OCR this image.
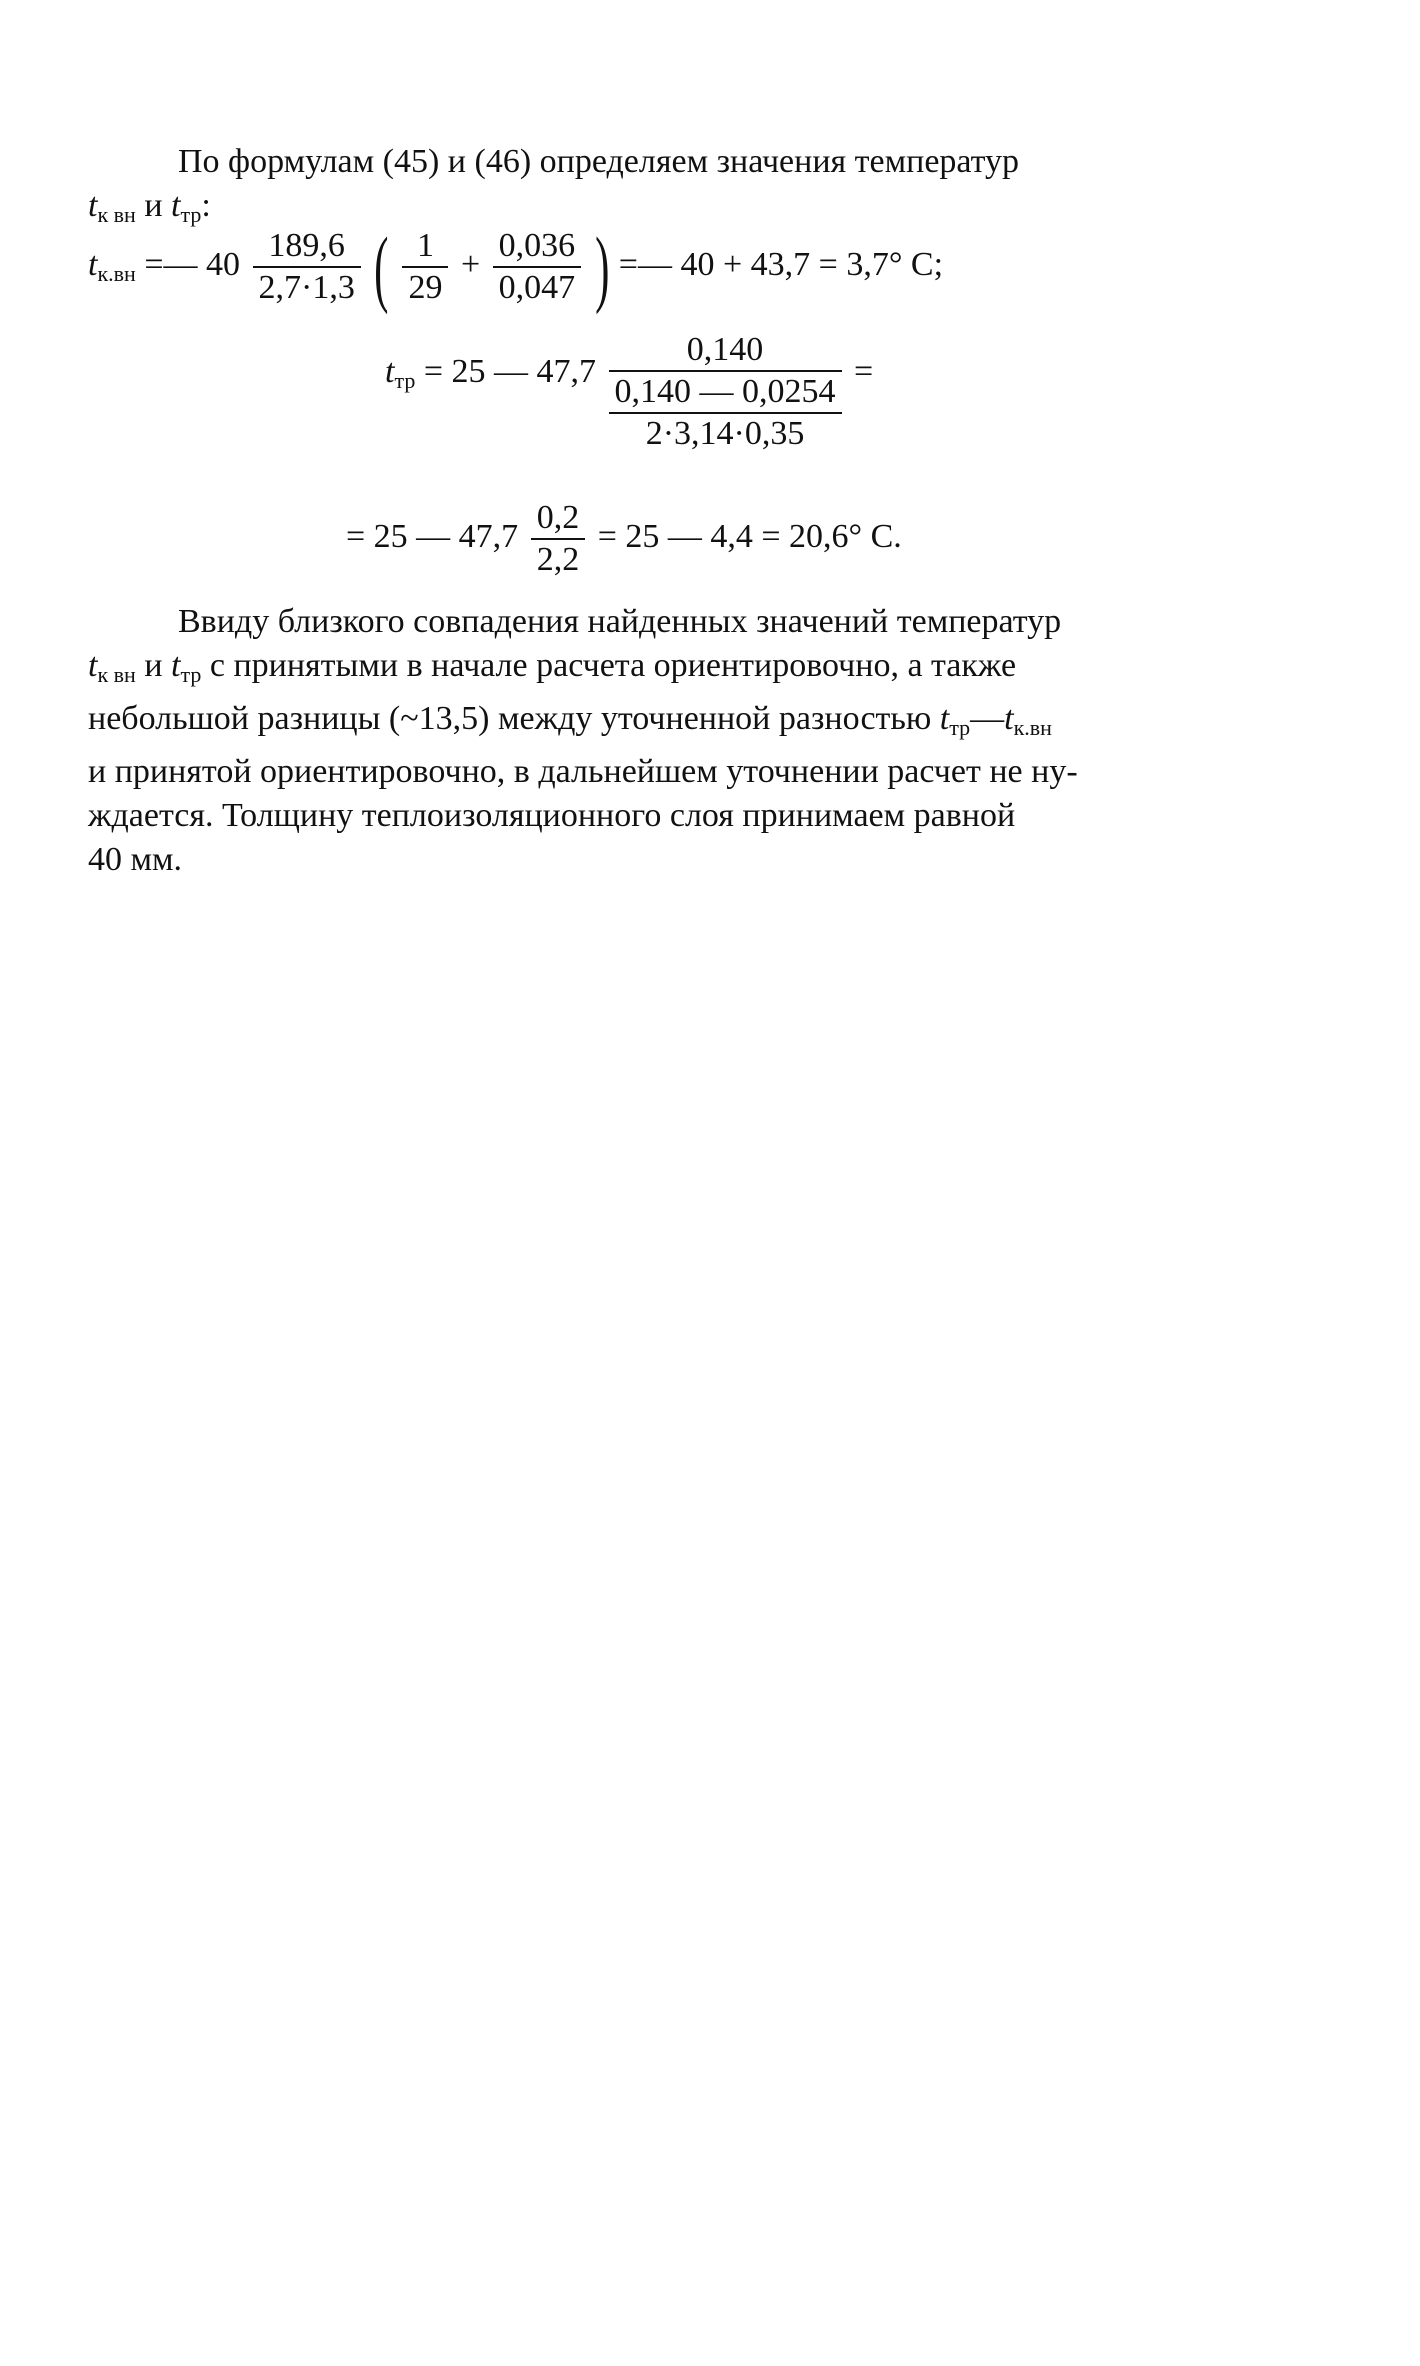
По формулам (45) и (46) определяем значения температур

$t_{к вн}$ и $t_{тр}$:

$t_{к.вн}$ =— $40 \frac{189,6}{2,7\cdot 1,3}$ ( $\frac{1}{29} + \frac{0,036}{0,047}$ ) =— 40 + 43,7 = 3,7° С;
$t_{тр} = 25$ — 47,7 0,140
0,140 — 0,0254
2·3,14·0,35 =
= 25 — $47,7 \frac{0,2}{2,2} = 25$ — 4,4 = 20,6° С.

Ввиду близкого совпадения найденных значений температур

$t_{к вн}$ и $t_{тр}$ с принятыми в начале расчета ориентировочно, а также

небольшой разницы (~13,5) между уточненной разностью $t_{тр}—t_{к.вн}$

и принятой ориентировочно, в дальнейшем уточнении расчет не ну-

ждается. Толщину теплоизоляционного слоя принимаем равной

40 мм.
